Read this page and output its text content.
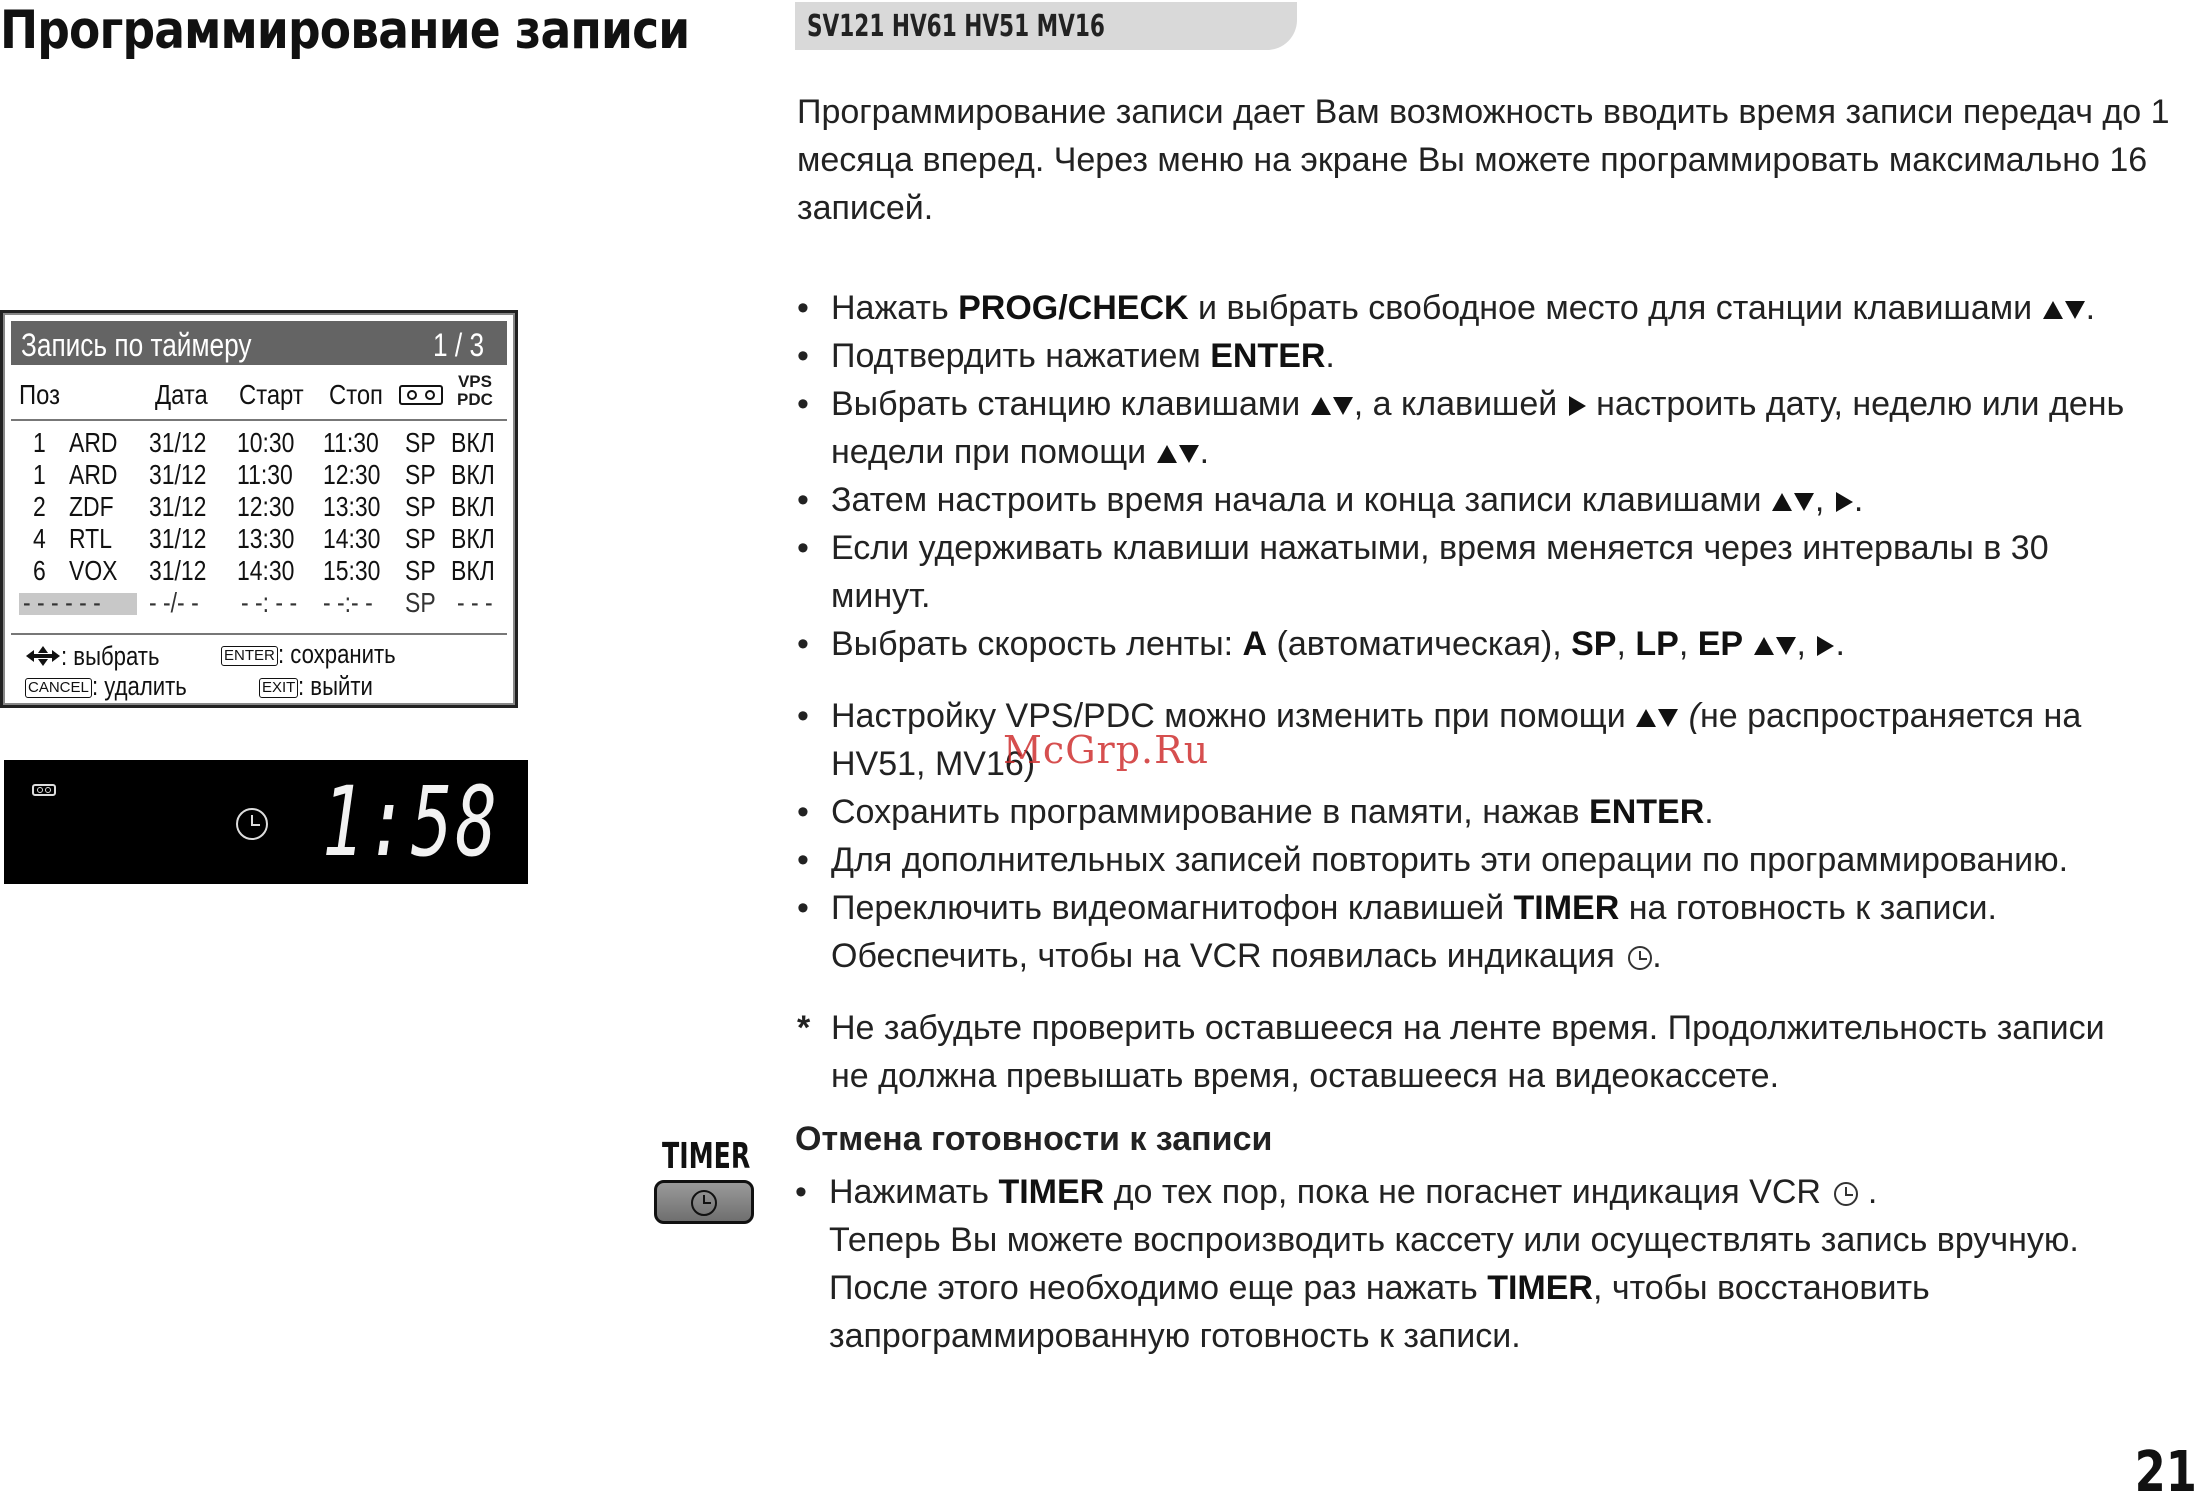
Программирование записи	SV121 HV61 HV51 MV16
Программирование записи дает Вам возможность вводить время записи передач до 1 месяца вперед. Через меню на экране Вы можете программировать максимально 16 записей.
• Нажать PROG/CHECK и выбрать свободное место для станции клавишами .
• Подтвердить нажатием ENTER.
• Выбрать станцию клавишами , а клавишей  настроить дату, неделю или день недели при помощи .
• Затем настроить время начала и конца записи клавишами , .
• Если удерживать клавиши нажатыми, время меняется через интервалы в 30 минут.
• Выбрать скорость ленты: A (автоматическая), SP, LP, EP , .
• Настройку VPS/PDC можно изменить при помощи  (не распространяется на HV51, MV16)
• Сохранить программирование в памяти, нажав ENTER.
• Для дополнительных записей повторить эти операции по программированию.
• Переключить видеомагнитофон клавишей TIMER на готовность к записи. Обеспечить, чтобы на VCR появилась индикация .
* Не забудьте проверить оставшееся на ленте время. Продолжительность записи не должна превышать время, оставшееся на видеокассете.
Отмена готовности к записи
• Нажимать TIMER до тех пор, пока не погаснет индикация VCR  .
Теперь Вы можете воспроизводить кассету или осуществлять запись вручную. После этого необходимо еще раз нажать TIMER, чтобы восстановить запрограммированную готовность к записи.
McGrp.Ru
Запись по таймеру	1 / 3
Поз	Дата	Старт Стоп	VPS
PDC
1 ARD	31/12	10:30	11:30 SP ВКЛ
1 ARD	31/12	11:30	12:30 SP ВКЛ
2 ZDF	31/12	12:30	13:30 SP ВКЛ
4 RTL	31/12	13:30	14:30 SP ВКЛ
6 VOX	31/12	14:30	15:30 SP ВКЛ
- - - - - -	- -/- -	- -: - - - -:- -	SP - - -
: выбрать	ENTER : сохранить
CANCEL : удалить	EXIT : выйти
1:58
TIMER
21
